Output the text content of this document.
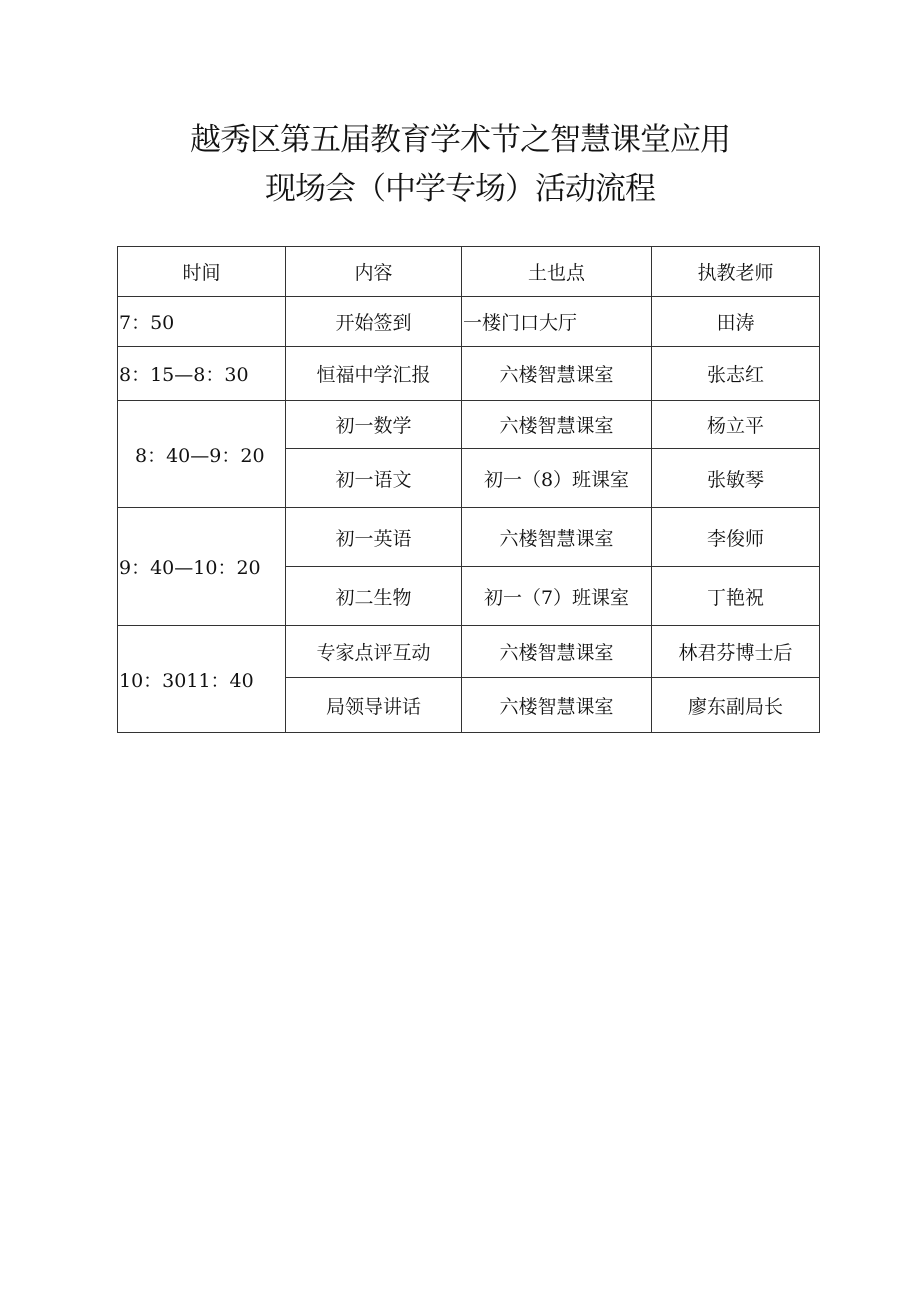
越秀区第五届教育学术节之智慧课堂应用
现场会（中学专场）活动流程
时间	内容	土也点	执教老师
7：50	开始签到	一楼门口大厅	田涛
8：15—8：30	恒福中学汇报	六楼智慧课室	张志红
8：40—9：20	初一数学	六楼智慧课室	杨立平
	初一语文	初一（8）班课室	张敏琴
9：40—10：20	初一英语	六楼智慧课室	李俊师
	初二生物	初一（7）班课室	丁艳祝
10：3011：40	专家点评互动	六楼智慧课室	林君芬博士后
	局领导讲话	六楼智慧课室	廖东副局长
